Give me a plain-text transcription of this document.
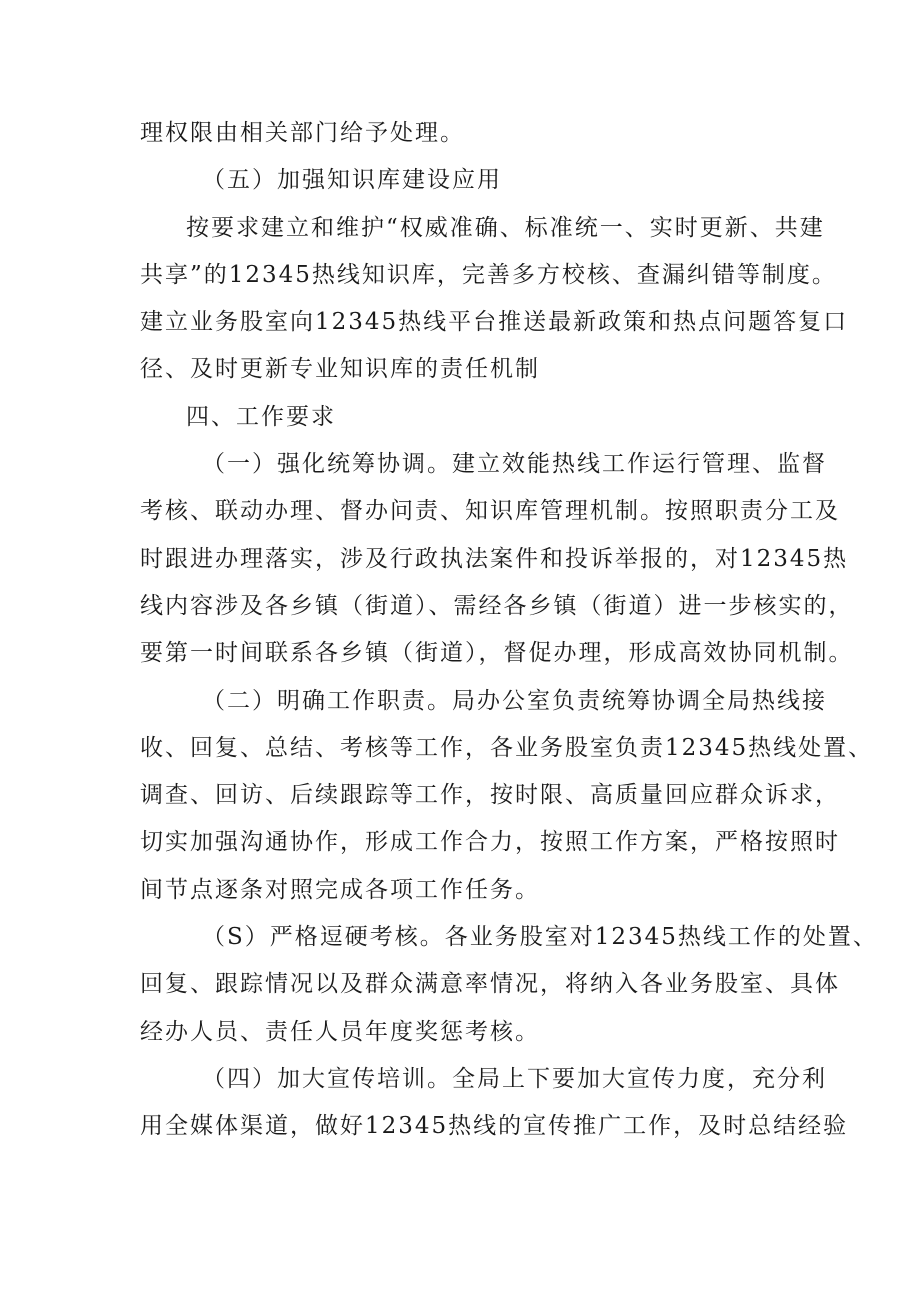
理权限由相关部门给予处理。
（五）加强知识库建设应用
按要求建立和维护“权威准确、标准统一、实时更新、共建
共享”的12345热线知识库，完善多方校核、查漏纠错等制度。
建立业务股室向12345热线平台推送最新政策和热点问题答复口
径、及时更新专业知识库的责任机制
四、工作要求
（一）强化统筹协调。建立效能热线工作运行管理、监督
考核、联动办理、督办问责、知识库管理机制。按照职责分工及
时跟进办理落实，涉及行政执法案件和投诉举报的，对12345热
线内容涉及各乡镇（街道）、需经各乡镇（街道）进一步核实的，
要第一时间联系各乡镇（街道），督促办理，形成高效协同机制。
（二）明确工作职责。局办公室负责统筹协调全局热线接
收、回复、总结、考核等工作，各业务股室负责12345热线处置、
调查、回访、后续跟踪等工作，按时限、高质量回应群众诉求，
切实加强沟通协作，形成工作合力，按照工作方案，严格按照时
间节点逐条对照完成各项工作任务。
（S）严格逗硬考核。各业务股室对12345热线工作的处置、
回复、跟踪情况以及群众满意率情况，将纳入各业务股室、具体
经办人员、责任人员年度奖惩考核。
（四）加大宣传培训。全局上下要加大宣传力度，充分利
用全媒体渠道，做好12345热线的宣传推广工作，及时总结经验
